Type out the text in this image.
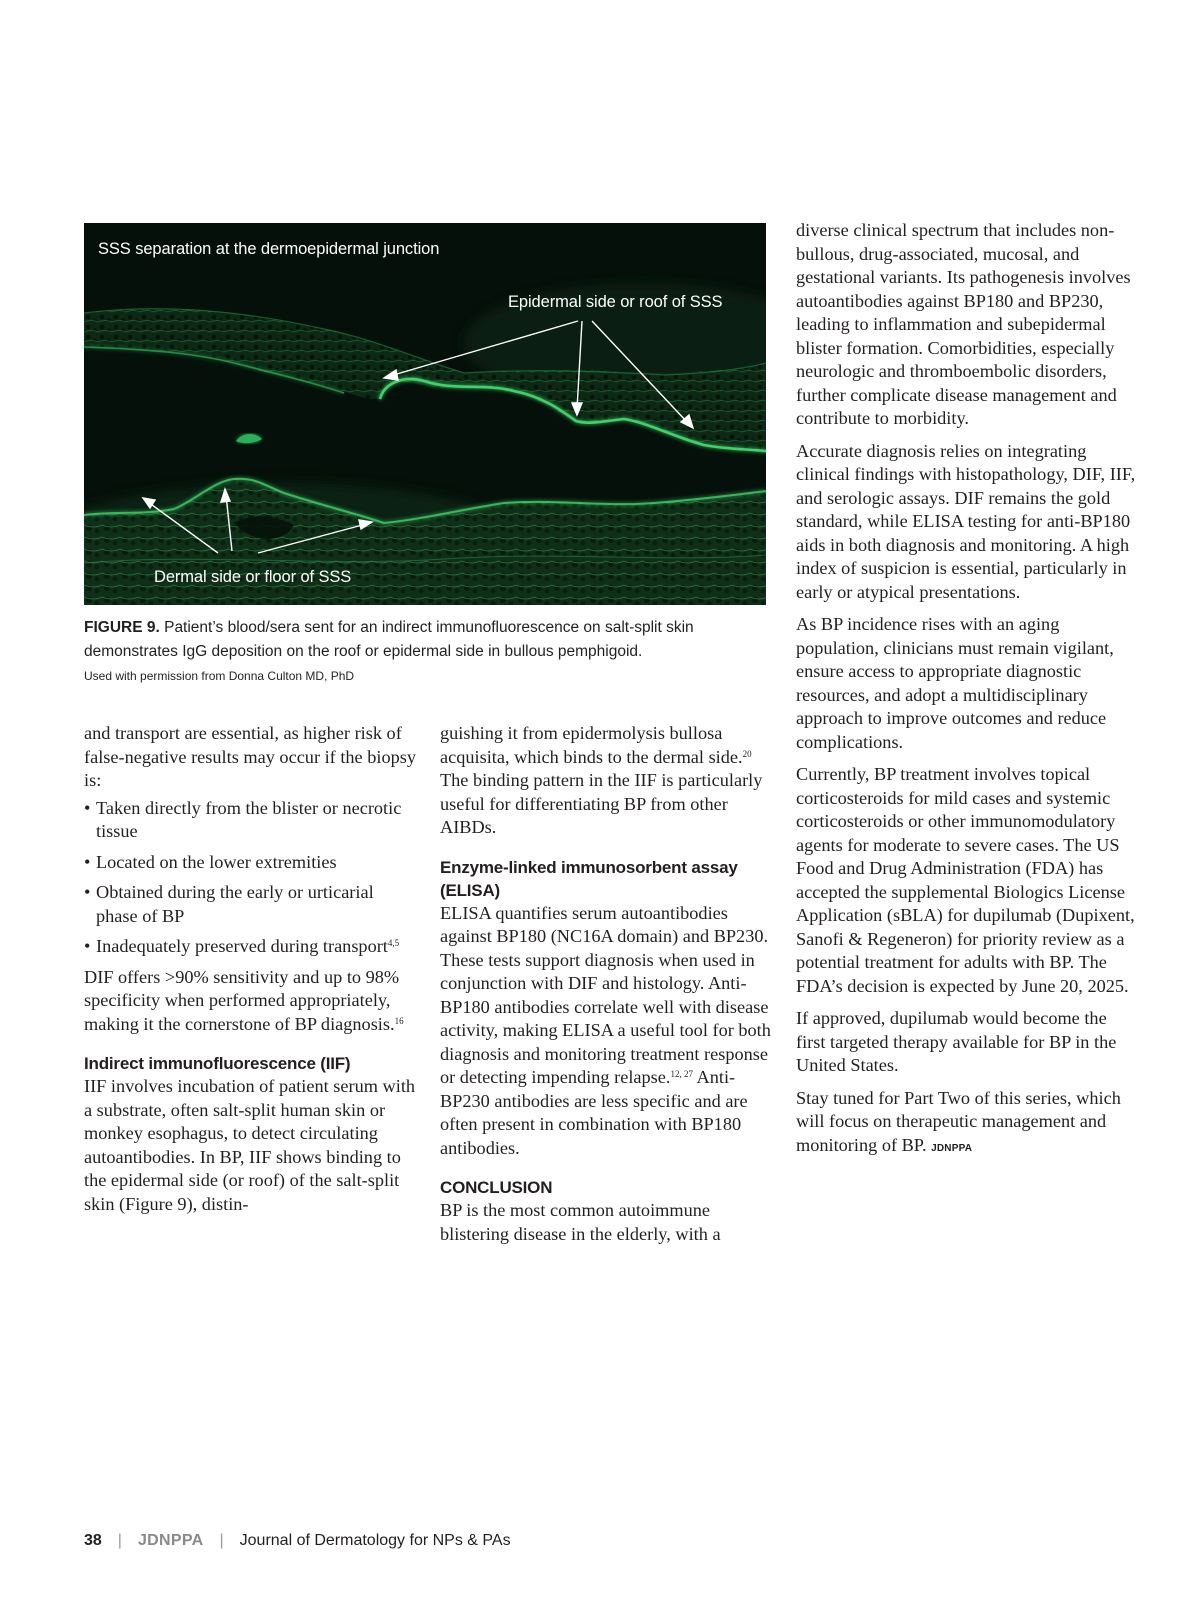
SSS separation at the dermoepidermal junction
Epidermal side or roof of SSS
Dermal side or floor of SSS
FIGURE 9. Patient’s blood/sera sent for an indirect immunofluorescence on salt-split skin
demonstrates IgG deposition on the roof or epidermal side in bullous pemphigoid.
Used with permission from Donna Culton MD, PhD

and transport are essential, as higher risk of false-negative results may occur if the biopsy is:

• Taken directly from the blister or necrotic tissue
• Located on the lower extremities
• Obtained during the early or urticarial phase of BP
• Inadequately preserved during transport$^{4,5}$

DIF offers >90% sensitivity and up to 98% specificity when performed appropriately, making it the cornerstone of BP diagnosis.$^{16}$

Indirect immunofluorescence (IIF)

IIF involves incubation of patient serum with a substrate, often salt-split human skin or monkey esophagus, to detect circulating autoantibodies. In BP, IIF shows binding to the epidermal side (or roof) of the salt-split skin (Figure 9), distin-

guishing it from epidermolysis bullosa acquisita, which binds to the dermal side.$^{20}$ The binding pattern in the IIF is particularly useful for differentiating BP from other AIBDs.

Enzyme-linked immunosorbent assay (ELISA)

ELISA quantifies serum autoantibodies against BP180 (NC16A domain) and BP230. These tests support diagnosis when used in conjunction with DIF and histology. Anti-BP180 antibodies correlate well with disease activity, making ELISA a useful tool for both diagnosis and monitoring treatment response or detecting impending relapse.$^{12, 27}$ Anti-BP230 antibodies are less specific and are often present in combination with BP180 antibodies.

CONCLUSION

BP is the most common autoimmune blistering disease in the elderly, with a

diverse clinical spectrum that includes non-bullous, drug-associated, mucosal, and gestational variants. Its pathogenesis involves autoantibodies against BP180 and BP230, leading to inflammation and subepidermal blister formation. Comorbidities, especially neurologic and thromboembolic disorders, further complicate disease management and contribute to morbidity.

Accurate diagnosis relies on integrating clinical findings with histopathology, DIF, IIF, and serologic assays. DIF remains the gold standard, while ELISA testing for anti-BP180 aids in both diagnosis and monitoring. A high index of suspicion is essential, particularly in early or atypical presentations.

As BP incidence rises with an aging population, clinicians must remain vigilant, ensure access to appropriate diagnostic resources, and adopt a multidisciplinary approach to improve outcomes and reduce complications.

Currently, BP treatment involves topical corticosteroids for mild cases and systemic corticosteroids or other immunomodulatory agents for moderate to severe cases. The US Food and Drug Administration (FDA) has accepted the supplemental Biologics License Application (sBLA) for dupilumab (Dupixent, Sanofi & Regeneron) for priority review as a potential treatment for adults with BP. The FDA’s decision is expected by June 20, 2025.

If approved, dupilumab would become the first targeted therapy available for BP in the United States.

Stay tuned for Part Two of this series, which will focus on therapeutic management and monitoring of BP. JDNPPA

38 | JDNPPA | Journal of Dermatology for NPs & PAs
